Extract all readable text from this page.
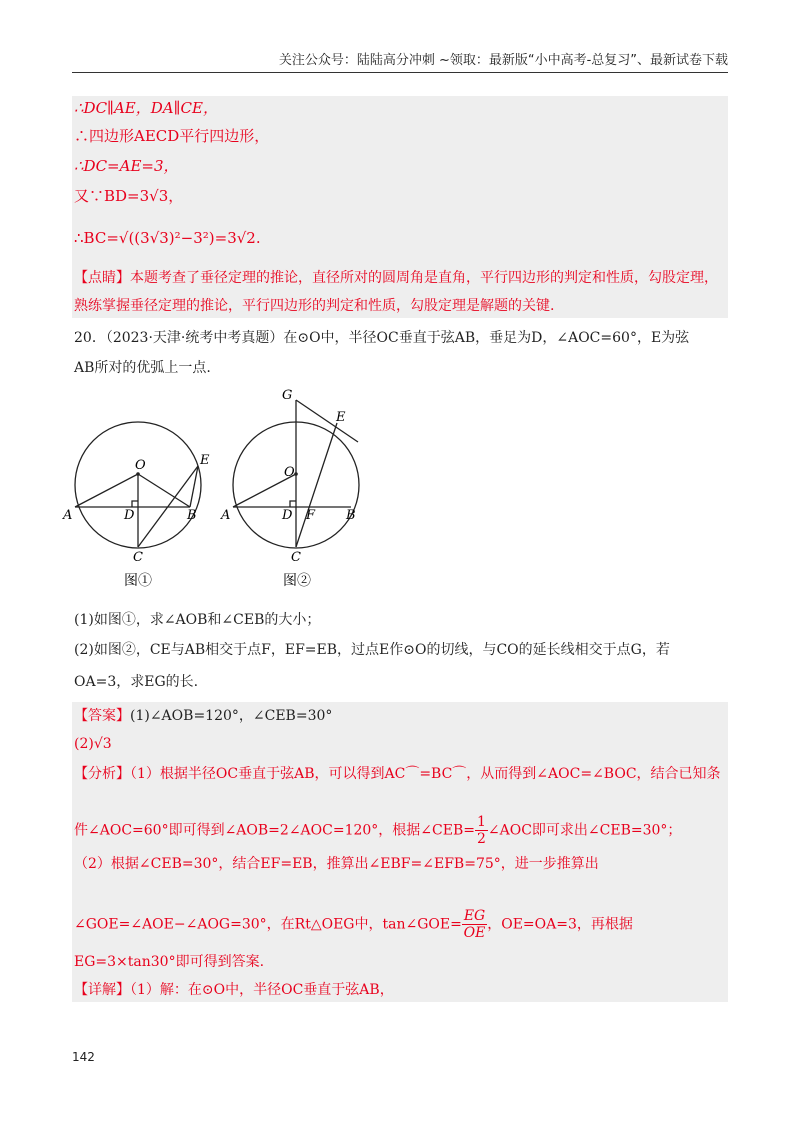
关注公众号：陆陆高分冲刺 ~领取：最新版“小中高考-总复习”、最新试卷下载
∴DC∥AE，DA∥CE，
∴四边形AECD平行四边形，
∴DC=AE=3，
又∵BD=3√3，
∴BC=√((3√3)²−3²)=3√2.
【点睛】本题考查了垂径定理的推论，直径所对的圆周角是直角，平行四边形的判定和性质，勾股定理，
熟练掌握垂径定理的推论，平行四边形的判定和性质，勾股定理是解题的关键.
20．（2023·天津·统考中考真题）在⊙O中，半径OC垂直于弦AB，垂足为D，∠AOC=60°，E为弦
AB所对的优弧上一点.
O
A	D	B
C
E
O
A	D F B
C
G
E
图①	图②
(1)如图①，求∠AOB和∠CEB的大小；
(2)如图②，CE与AB相交于点F，EF=EB，过点E作⊙O的切线，与CO的延长线相交于点G，若
OA=3，求EG的长.
【答案】(1)∠AOB=120°，∠CEB=30°
(2)√3
【分析】（1）根据半径OC垂直于弦AB，可以得到AC⌒=BC⌒，从而得到∠AOC=∠BOC，结合已知条
件∠AOC=60°即可得到∠AOB=2∠AOC=120°，根据∠CEB= $\frac{1}{2}$ ∠AOC即可求出∠CEB=30°；
（2）根据∠CEB=30°，结合EF=EB，推算出∠EBF=∠EFB=75°，进一步推算出
∠GOE=∠AOE−∠AOG=30°，在Rt△OEG中，tan∠GOE= $\frac{EG}{OE}$ ，OE=OA=3，再根据
EG=3×tan30°即可得到答案.
【详解】（1）解：在⊙O中，半径OC垂直于弦AB，
142
